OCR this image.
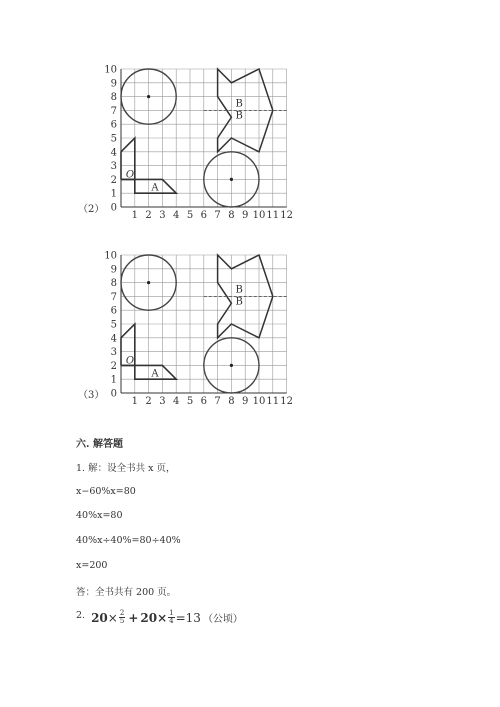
1 2 3 4 5 6 7 8 9 10 11 12
0
1
2
3
4
5
6
7
8
9
10
O
A
B
B
（2）
1 2 3 4 5 6 7 8 9 10 11 12
0
1
2
3
4
5
6
7
8
9
10
O
A
B
B
（3）
六. 解答题
1. 解：设全书共 x 页，
x−60%x=80
40%x=80
40%x÷40%=80÷40%
x=200
答：全书共有 200 页。
2. $20 \times \frac{2}{5} + 20 \times \frac{1}{4} =13$ （公顷）
